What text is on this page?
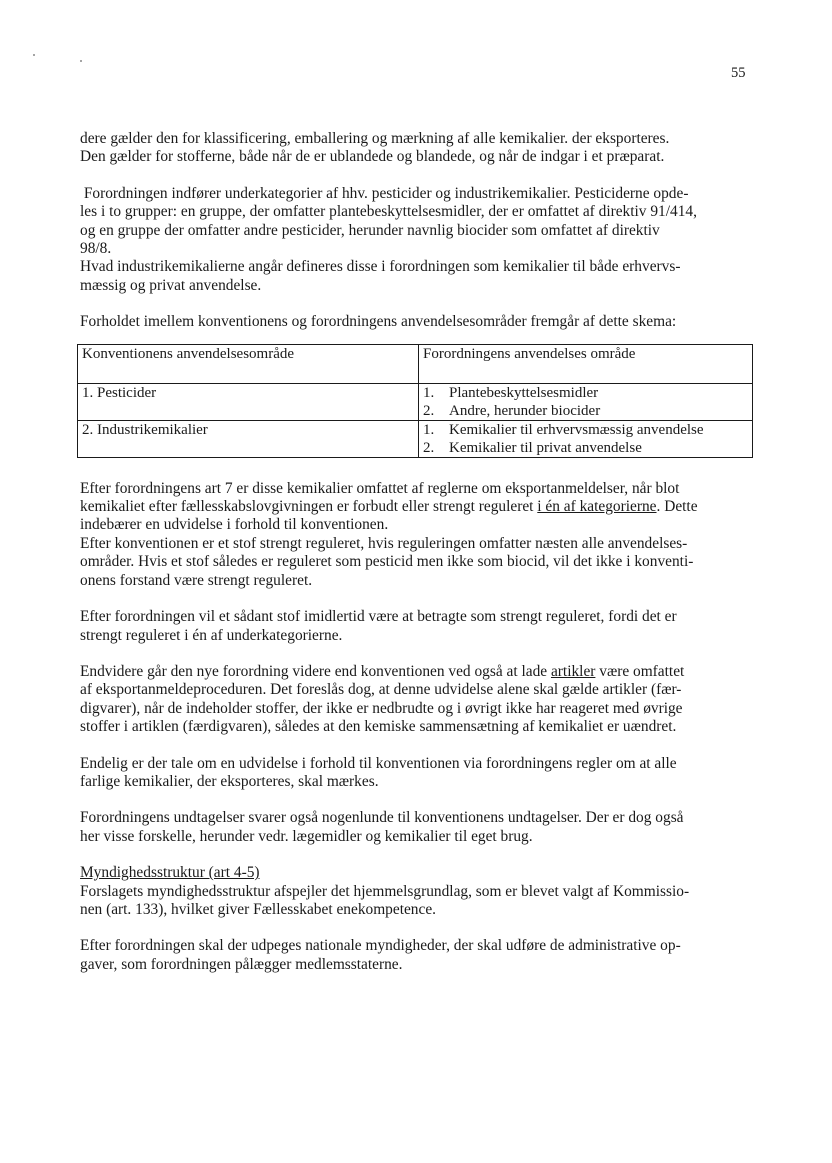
55

dere gælder den for klassificering, emballering og mærkning af alle kemikalier. der eksporteres.
Den gælder for stofferne, både når de er ublandede og blandede, og når de indgar i et præparat.

Forordningen indfører underkategorier af hhv. pesticider og industrikemikalier. Pesticiderne opde-
les i to grupper: en gruppe, der omfatter plantebeskyttelsesmidler, der er omfattet af direktiv 91/414,
og en gruppe der omfatter andre pesticider, herunder navnlig biocider som omfattet af direktiv
98/8.
Hvad industrikemikalierne angår defineres disse i forordningen som kemikalier til både erhvervs-
mæssig og privat anvendelse.

Forholdet imellem konventionens og forordningens anvendelsesområder fremgår af dette skema:

Konventionens anvendelsesområde	Forordningens anvendelses område
1. Pesticider	1. Plantebeskyttelsesmidler
2. Andre, herunder biocider

2. Industrikemikalier	1. Kemikalier til erhvervsmæssig anvendelse
2. Kemikalier til privat anvendelse

Efter forordningens art 7 er disse kemikalier omfattet af reglerne om eksportanmeldelser, når blot
kemikaliet efter fællesskabslovgivningen er forbudt eller strengt reguleret i én af kategorierne. Dette
indebærer en udvidelse i forhold til konventionen.
Efter konventionen er et stof strengt reguleret, hvis reguleringen omfatter næsten alle anvendelses-
områder. Hvis et stof således er reguleret som pesticid men ikke som biocid, vil det ikke i konventi-
onens forstand være strengt reguleret.

Efter forordningen vil et sådant stof imidlertid være at betragte som strengt reguleret, fordi det er
strengt reguleret i én af underkategorierne.

Endvidere går den nye forordning videre end konventionen ved også at lade artikler være omfattet
af eksportanmeldeproceduren. Det foreslås dog, at denne udvidelse alene skal gælde artikler (fær-
digvarer), når de indeholder stoffer, der ikke er nedbrudte og i øvrigt ikke har reageret med øvrige
stoffer i artiklen (færdigvaren), således at den kemiske sammensætning af kemikaliet er uændret.

Endelig er der tale om en udvidelse i forhold til konventionen via forordningens regler om at alle
farlige kemikalier, der eksporteres, skal mærkes.

Forordningens undtagelser svarer også nogenlunde til konventionens undtagelser. Der er dog også
her visse forskelle, herunder vedr. lægemidler og kemikalier til eget brug.

Myndighedsstruktur (art 4-5)
Forslagets myndighedsstruktur afspejler det hjemmelsgrundlag, som er blevet valgt af Kommissio-
nen (art. 133), hvilket giver Fællesskabet enekompetence.

Efter forordningen skal der udpeges nationale myndigheder, der skal udføre de administrative op-
gaver, som forordningen pålægger medlemsstaterne.
